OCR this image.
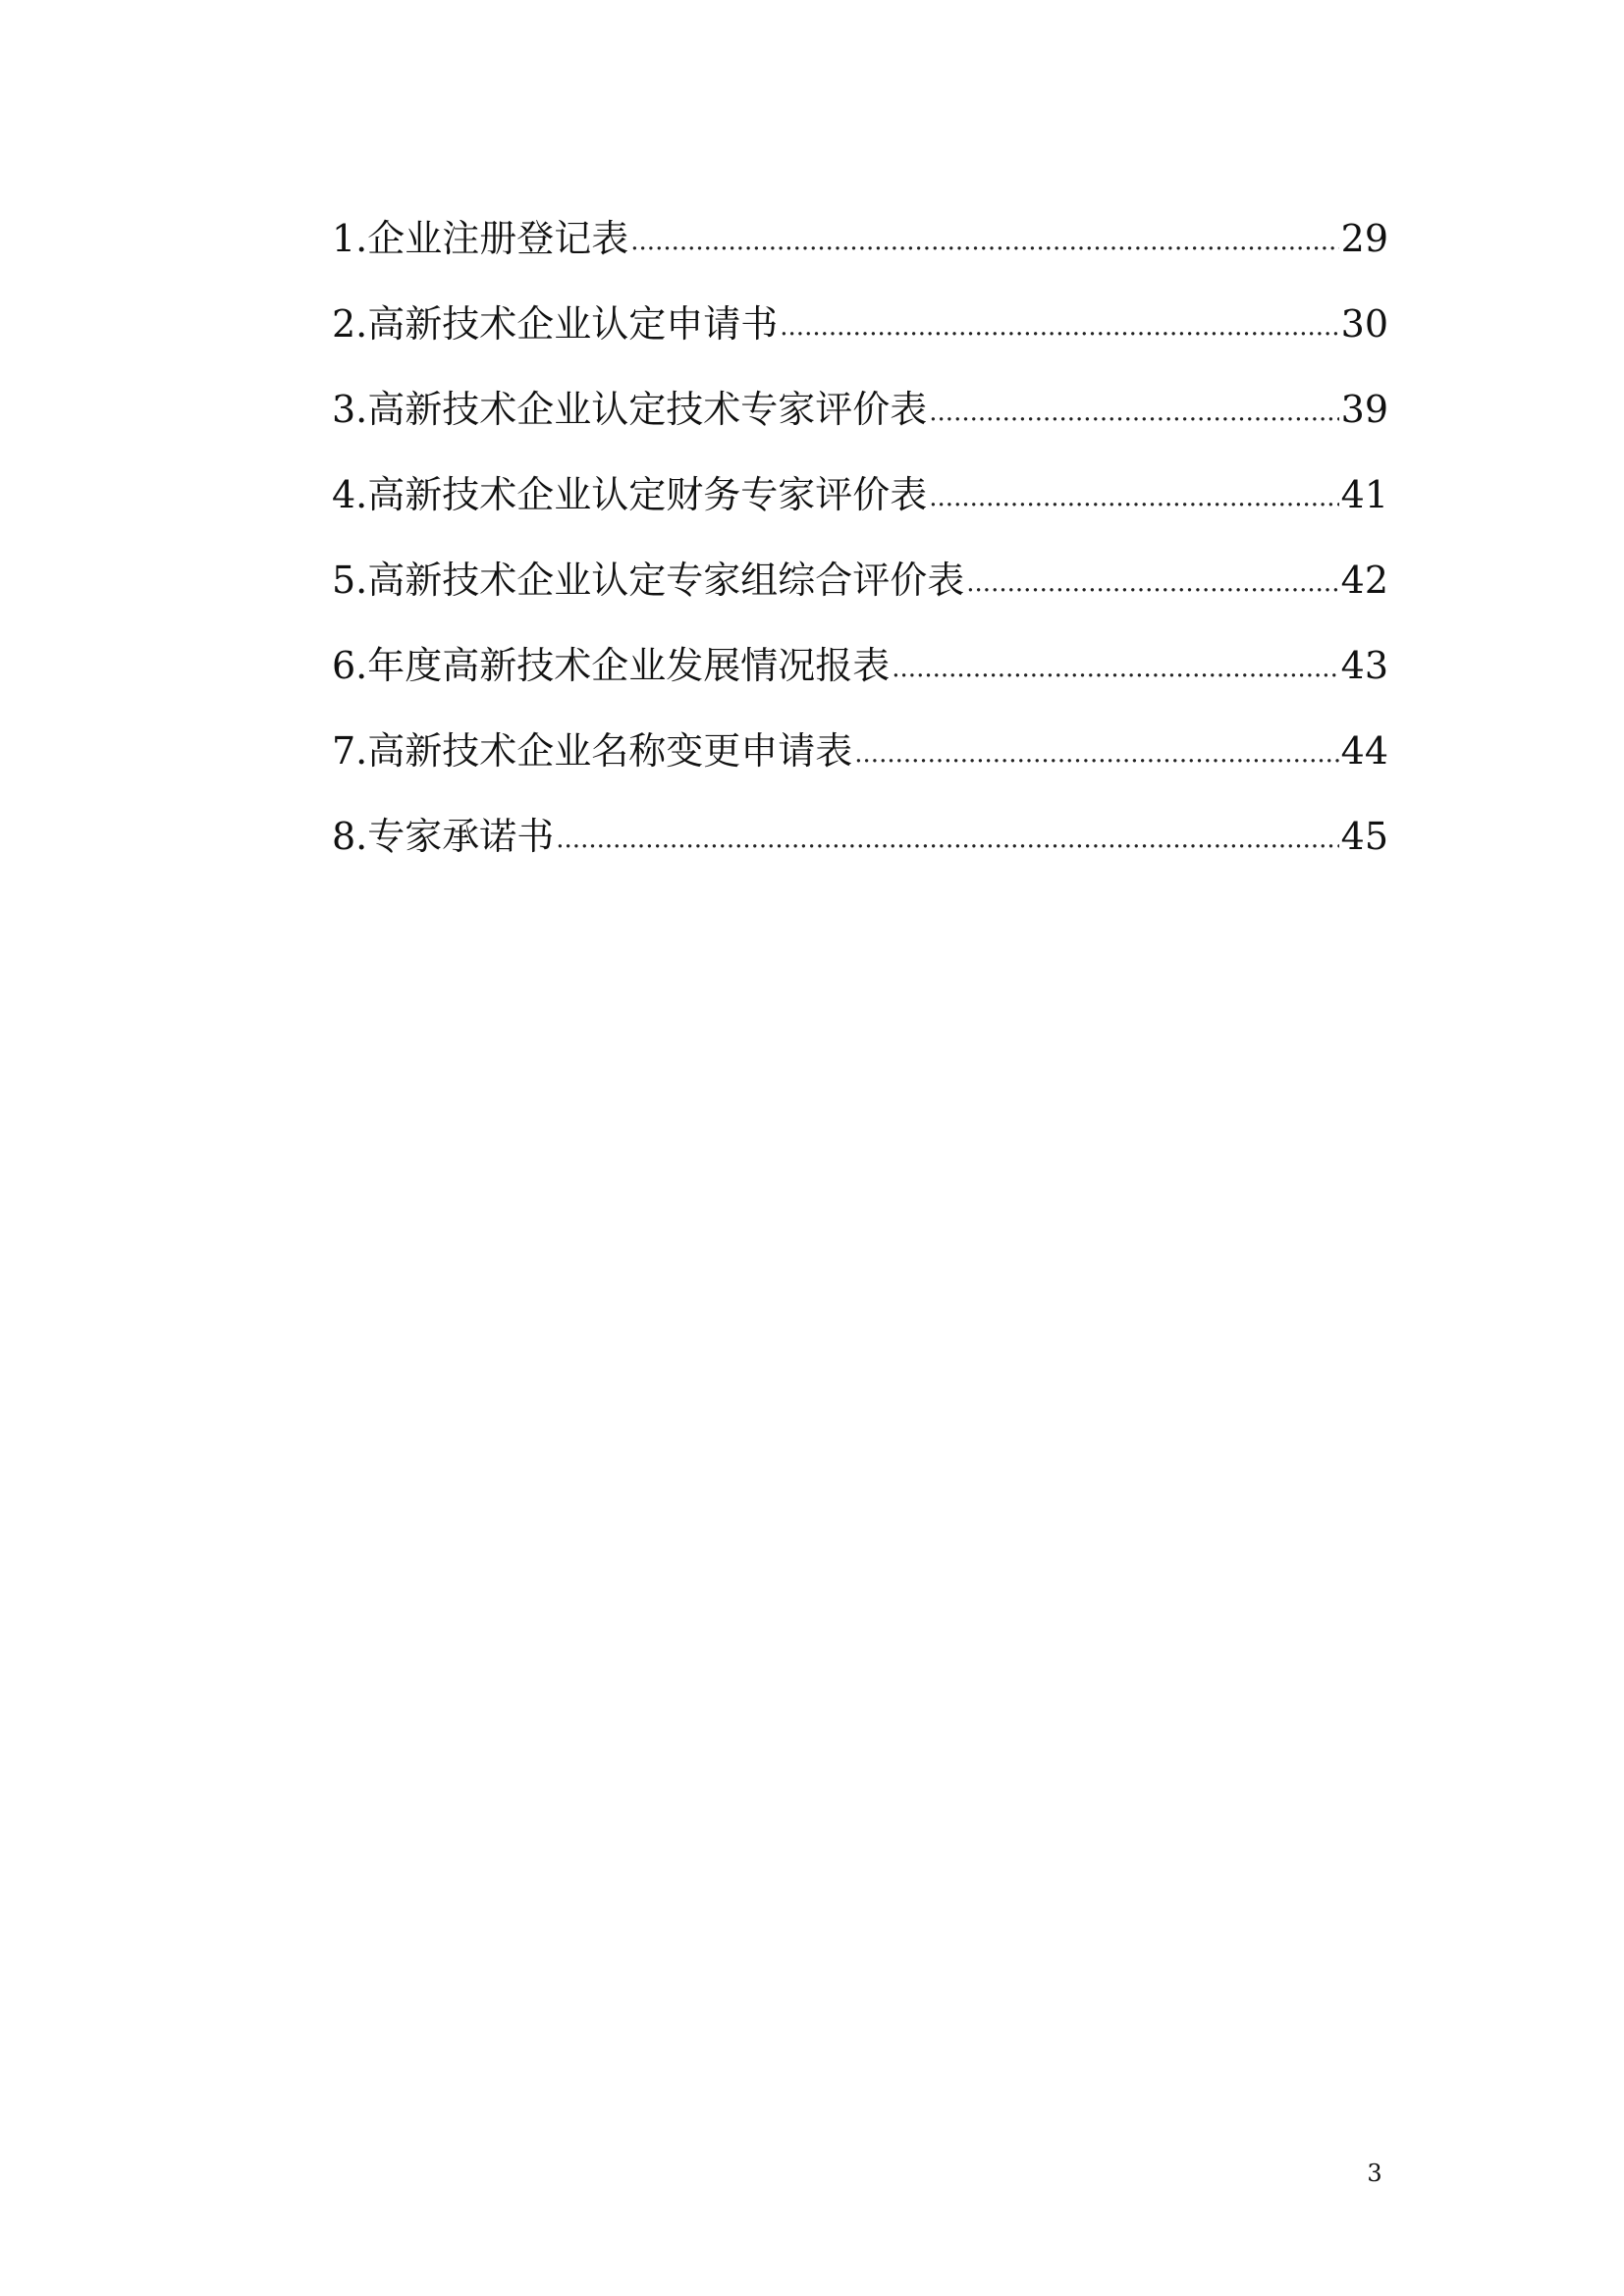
1. 企业注册登记表 .....	29
2. 高新技术企业认定申请书 .....	30
3. 高新技术企业认定技术专家评价表 .....	39
4. 高新技术企业认定财务专家评价表 .....	41
5. 高新技术企业认定专家组综合评价表 .....	42
6. 年度高新技术企业发展情况报表 .....	43
7. 高新技术企业名称变更申请表 .....	44
8. 专家承诺书 .....	45
3
